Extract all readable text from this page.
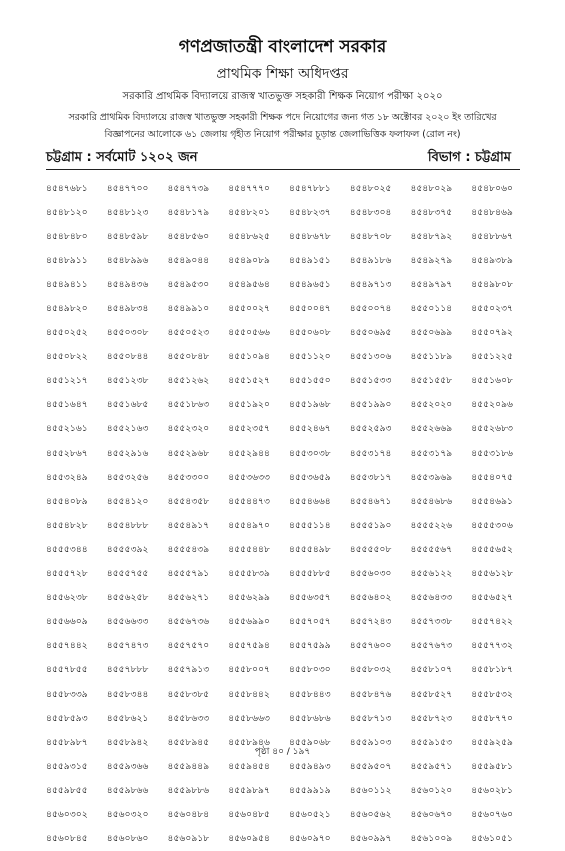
গণপ্রজাতন্ত্রী বাংলাদেশ সরকার
প্রাথমিক শিক্ষা অধিদপ্তর
সরকারি প্রাথমিক বিদ্যালয়ে রাজস্ব খাতভুক্ত সহকারী শিক্ষক নিয়োগ পরীক্ষা ২০২০
সরকারি প্রাথমিক বিদ্যালয়ে রাজস্ব খাতভুক্ত সহকারী শিক্ষক পদে নিয়োগের জন্য গত ১৮ অক্টোবর ২০২০ ইং তারিখের
বিজ্ঞাপনের আলোকে ৬১ জেলায় গৃহীত নিয়োগ পরীক্ষার চূড়ান্ত জেলাভিত্তিক ফলাফল (রোল নং)
চট্টগ্রাম : সর্বমোট ১২০২ জন	বিভাগ : চট্টগ্রাম
৪৫৪৭৬৮১	৪৫৪৭৭০০	৪৫৪৭৭৩৯	৪৫৪৭৭৭০	৪৫৪৭৮৮১	৪৫৪৮০২৫	৪৫৪৮০২৯	৪৫৪৮০৬০
৪৫৪৮১২০	৪৫৪৮১২৩	৪৫৪৮১৭৯	৪৫৪৮২০১	৪৫৪৮২৩৭	৪৫৪৮৩০৪	৪৫৪৮৩৭৫	৪৫৪৮৪৬৯
৪৫৪৮৪৮০	৪৫৪৮৫৯৮	৪৫৪৮৫৬০	৪৫৪৮৬২৫	৪৫৪৮৬৭৮	৪৫৪৮৭০৮	৪৫৪৮৭৯২	৪৫৪৮৮৬৭
৪৫৪৮৯১১	৪৫৪৮৯৯৬	৪৫৪৯০৪৪	৪৫৪৯০৮৯	৪৫৪৯১৫১	৪৫৪৯১৮৬	৪৫৪৯২৭৯	৪৫৪৯৩৮৯
৪৫৪৯৪১১	৪৫৪৯৪৩৬	৪৫৪৯৫৩০	৪৫৪৯৫৬৪	৪৫৪৯৬৫১	৪৫৪৯৭১৩	৪৫৪৯৭৯৭	৪৫৪৯৮০৮
৪৫৪৯৮২০	৪৫৪৯৮৩৪	৪৫৪৯৯১০	৪৫৫০০২৭	৪৫৫০০৪৭	৪৫৫০০৭৪	৪৫৫০১১৪	৪৫৫০২৩৭
৪৫৫০২৫২	৪৫৫০৩০৮	৪৫৫০৫২৩	৪৫৫০৫৬৬	৪৫৫০৬০৮	৪৫৫০৬৯৫	৪৫৫০৬৯৯	৪৫৫০৭৯২
৪৫৫০৮২২	৪৫৫০৮৪৪	৪৫৫০৮৪৮	৪৫৫১০৯৪	৪৫৫১১২০	৪৫৫১৩০৬	৪৫৫১১৮৯	৪৫৫১২২৫
৪৫৫১২১৭	৪৫৫১২৩৮	৪৫৫১২৬২	৪৫৫১৫২৭	৪৫৫১৫৫০	৪৫৫১৫৩৩	৪৫৫১৫৫৮	৪৫৫১৬০৮
৪৫৫১৬৪৭	৪৫৫১৬৮৫	৪৫৫১৮৬৩	৪৫৫১৯২০	৪৫৫১৯৬৮	৪৫৫১৯৯০	৪৫৫২০২০	৪৫৫২০৯৬
৪৫৫২১৬১	৪৫৫২১৬৩	৪৫৫২৩২০	৪৫৫২৩৫৭	৪৫৫২৪৬৭	৪৫৫২৫৯৩	৪৫৫২৬৬৯	৪৫৫২৬৮৩
৪৫৫২৮৬৭	৪৫৫২৯১৬	৪৫৫২৯৬৮	৪৫৫২৯৪৪	৪৫৫৩০৩৮	৪৫৫৩১৭৪	৪৫৫৩১৭৯	৪৫৫৩১৮৬
৪৫৫৩২৪৯	৪৫৫৩২৫৬	৪৫৫৩৩০০	৪৫৫৩৬৩৩	৪৫৫৩৬৫৯	৪৫৫৩৮১৭	৪৫৫৩৯৬৯	৪৫৫৪০৭৫
৪৫৫৪০৮৯	৪৫৫৪১২০	৪৫৫৪৩৫৮	৪৫৫৪৪৭৩	৪৫৫৪৬৬৪	৪৫৫৪৬৭১	৪৫৫৪৬৮৬	৪৫৫৪৬৯১
৪৫৫৪৮২৮	৪৫৫৪৮৮৮	৪৫৫৪৯১৭	৪৫৫৪৯৭০	৪৫৫৫১১৪	৪৫৫৫১৯০	৪৫৫৫২২৬	৪৫৫৫৩০৬
৪৫৫৫৩৪৪	৪৫৫৫৩৯২	৪৫৫৫৪৩৯	৪৫৫৫৪৪৮	৪৫৫৫৪৯৮	৪৫৫৫৫০৮	৪৫৫৫৫৬৭	৪৫৫৫৬৫২
৪৫৫৫৭২৮	৪৫৫৫৭৫৫	৪৫৫৫৭৯১	৪৫৫৫৮৩৯	৪৫৫৫৮৮৫	৪৫৫৬০৩০	৪৫৫৬১২২	৪৫৫৬১২৮
৪৫৫৬২৩৮	৪৫৫৬২৫৮	৪৫৫৬২৭১	৪৫৫৬২৯৯	৪৫৫৬৩৫৭	৪৫৫৬৪০২	৪৫৫৬৪৩৩	৪৫৫৬৫২৭
৪৫৫৬৬০৯	৪৫৫৬৬৩৩	৪৫৫৬৭৩৬	৪৫৫৬৯৯০	৪৫৫৭০৫৭	৪৫৫৭২৪৩	৪৫৫৭৩৩৮	৪৫৫৭৪২২
৪৫৫৭৪৪২	৪৫৫৭৪৭৩	৪৫৫৭৫৭০	৪৫৫৭৫৯৪	৪৫৫৭৫৯৯	৪৫৫৭৬০০	৪৫৫৭৬৭৩	৪৫৫৭৭৩২
৪৫৫৭৮৫৫	৪৫৫৭৮৮৮	৪৫৫৭৯১৩	৪৫৫৮০০৭	৪৫৫৮০৩০	৪৫৫৮০৩২	৪৫৫৮১০৭	৪৫৫৮১৮৭
৪৫৫৮৩৩৯	৪৫৫৮৩৪৪	৪৫৫৮৩৮৫	৪৫৫৮৪৪২	৪৫৫৮৪৪৩	৪৫৫৮৪৭৬	৪৫৫৮৫২৭	৪৫৫৮৫৩২
৪৫৫৮৫৯৩	৪৫৫৮৬২১	৪৫৫৮৬৩৩	৪৫৫৮৬৬৩	৪৫৫৮৬৮৬	৪৫৫৮৭১৩	৪৫৫৮৭২৩	৪৫৫৮৭৭০
৪৫৫৮৯৮৭	৪৫৫৮৯৪২	৪৫৫৮৯৪৫	৪৫৫৮৯৪৬	৪৫৫৯০৬৮	৪৫৫৯১০৩	৪৫৫৯১৫৩	৪৫৫৯২৫৯
৪৫৫৯৩১৫	৪৫৫৯৩৬৬	৪৫৫৯৪৪৯	৪৫৫৯৪৫৪	৪৫৫৯৪৯৩	৪৫৫৯৫০৭	৪৫৫৯৫৭১	৪৫৫৯৫৮১
৪৫৫৯৮৫৫	৪৫৫৯৮৬৬	৪৫৫৯৮৮৬	৪৫৫৯৮৯৭	৪৫৫৯৯১৯	৪৫৬০১১২	৪৫৬০১২০	৪৫৬০২৮১
৪৫৬০৩০২	৪৫৬০৩২০	৪৫৬০৪৮৪	৪৫৬০৪৮৫	৪৫৬০৫২১	৪৫৬০৫৬২	৪৫৬০৬৭০	৪৫৬০৭৬০
৪৫৬০৮৪৫	৪৫৬০৮৬০	৪৫৬০৯১৮	৪৫৬০৯৫৪	৪৫৬০৯৭০	৪৫৬০৯৯৭	৪৫৬১০০৯	৪৫৬১০৫১
পৃষ্ঠা ৪০ / ১৯৭
